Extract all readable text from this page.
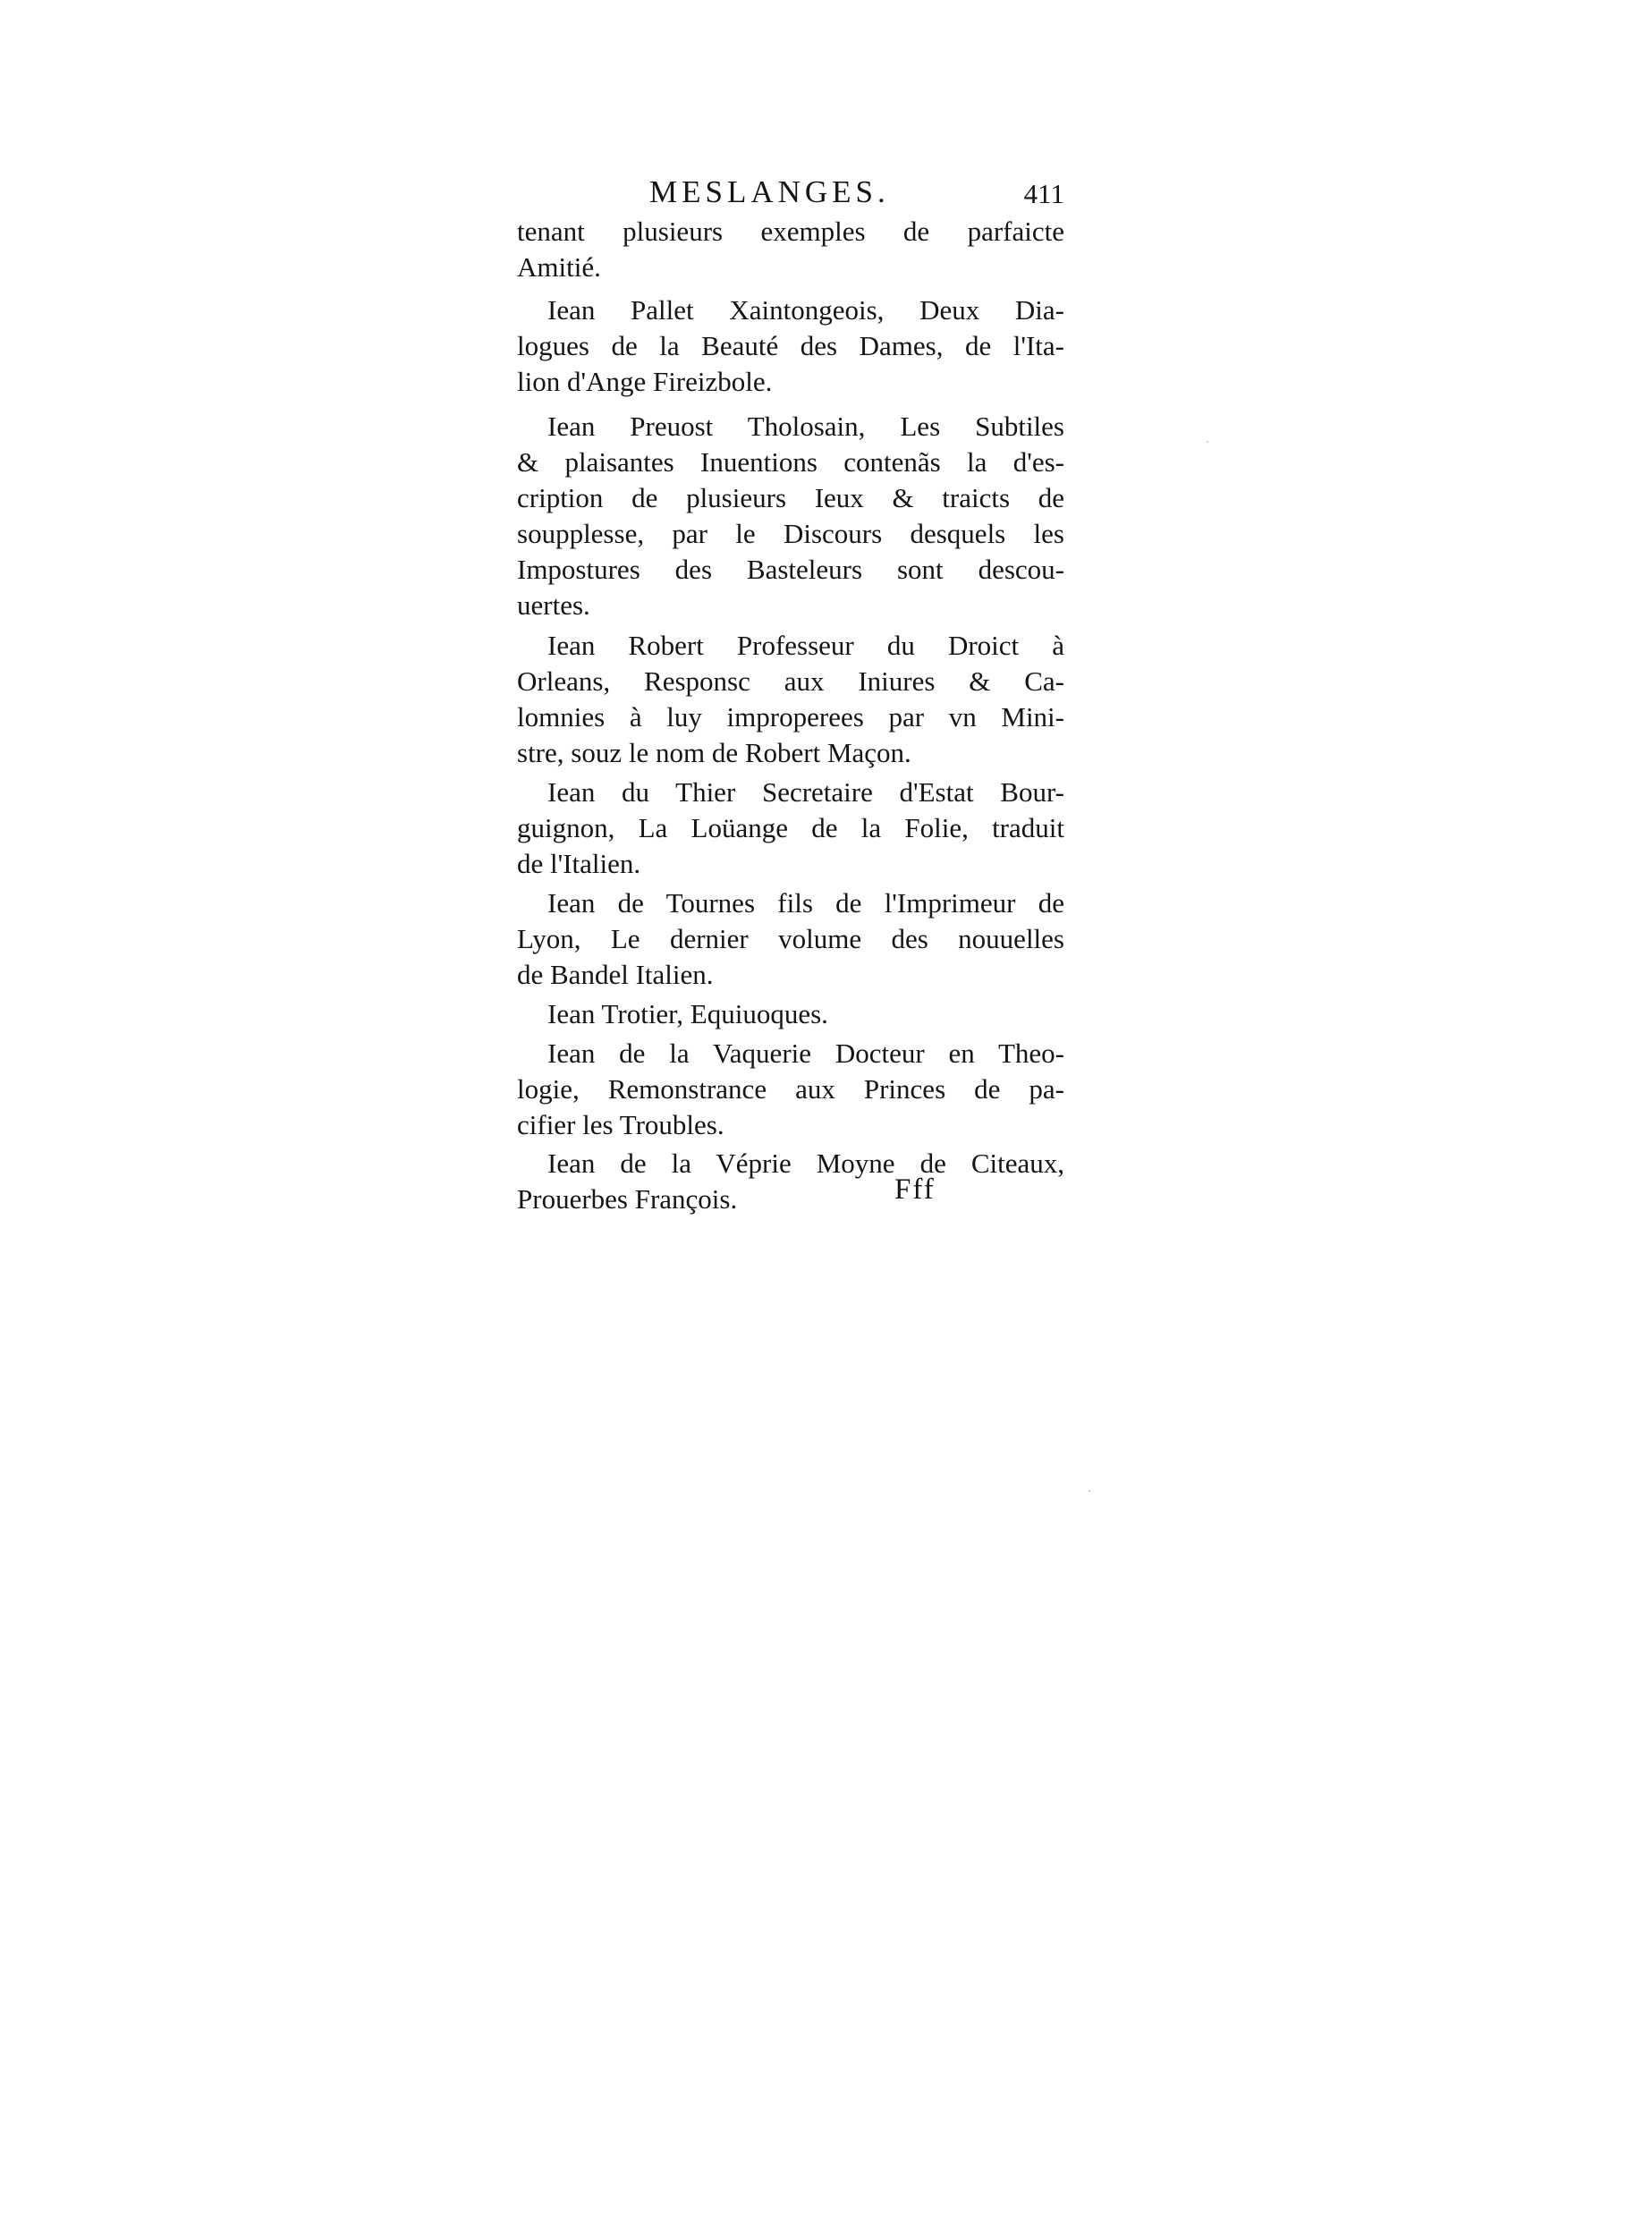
MESLANGES.	411
tenant plusieurs exemples de parfaicte
Amitié.
Iean Pallet Xaintongeois, Deux Dia-
logues de la Beauté des Dames, de l'Ita-
lion d'Ange Fireizbole.
Iean Preuost Tholosain, Les Subtiles
& plaisantes Inuentions contenãs la d'es-
cription de plusieurs Ieux & traicts de
soupplesse, par le Discours desquels les
Impostures des Basteleurs sont descou-
uertes.
Iean Robert Professeur du Droict à
Orleans, Responsc aux Iniures & Ca-
lomnies à luy improperees par vn Mini-
stre, souz le nom de Robert Maçon.
Iean du Thier Secretaire d'Estat Bour-
guignon, La Loüange de la Folie, traduit
de l'Italien.
Iean de Tournes fils de l'Imprimeur de
Lyon, Le dernier volume des nouuelles
de Bandel Italien.
Iean Trotier, Equiuoques.
Iean de la Vaquerie Docteur en Theo-
logie, Remonstrance aux Princes de pa-
cifier les Troubles.
Iean de la Véprie Moyne de Citeaux,
Prouerbes François.	Fff
